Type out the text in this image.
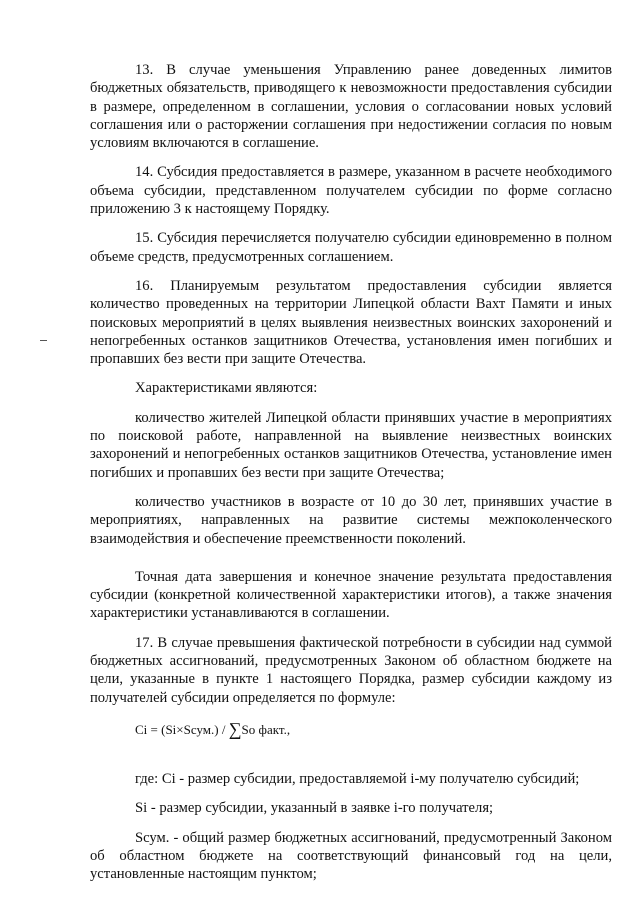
13. В случае уменьшения Управлению ранее доведенных лимитов бюджетных обязательств, приводящего к невозможности предоставления субсидии в размере, определенном в соглашении, условия о согласовании новых условий соглашения или о расторжении соглашения при недостижении согласия по новым условиям включаются в соглашение.

14. Субсидия предоставляется в размере, указанном в расчете необходимого объема субсидии, представленном получателем субсидии по форме согласно приложению 3 к настоящему Порядку.

15. Субсидия перечисляется получателю субсидии единовременно в полном объеме средств, предусмотренных соглашением.

16. Планируемым результатом предоставления субсидии является количество проведенных на территории Липецкой области Вахт Памяти и иных поисковых мероприятий в целях выявления неизвестных воинских захоронений и непогребенных останков защитников Отечества, установления имен погибших и пропавших без вести при защите Отечества.

Характеристиками являются:

количество жителей Липецкой области принявших участие в мероприятиях по поисковой работе, направленной на выявление неизвестных воинских захоронений и непогребенных останков защитников Отечества, установление имен погибших и пропавших без вести при защите Отечества;

количество участников в возрасте от 10 до 30 лет, принявших участие в мероприятиях, направленных на развитие системы межпоколенческого взаимодействия и обеспечение преемственности поколений.

Точная дата завершения и конечное значение результата предоставления субсидии (конкретной количественной характеристики итогов), а также значения характеристики устанавливаются в соглашении.

17. В случае превышения фактической потребности в субсидии над суммой бюджетных ассигнований, предусмотренных Законом об областном бюджете на цели, указанные в пункте 1 настоящего Порядка, размер субсидии каждому из получателей субсидии определяется по формуле:

Ci = (Si×Sсум.) / ∑So факт.,

где: Ci - размер субсидии, предоставляемой i-му получателю субсидий;

Si - размер субсидии, указанный в заявке i-го получателя;

Sсум. - общий размер бюджетных ассигнований, предусмотренный Законом об областном бюджете на соответствующий финансовый год на цели, установленные настоящим пунктом;
